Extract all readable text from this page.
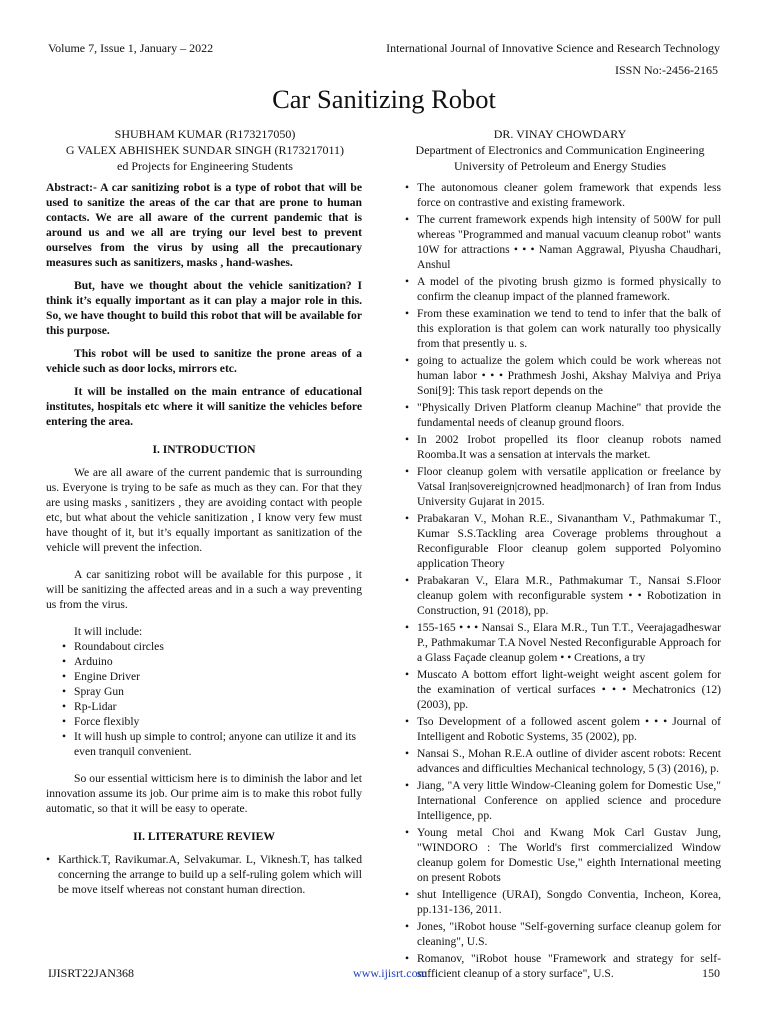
Volume 7, Issue 1, January – 2022	International Journal of Innovative Science and Research Technology
ISSN No:-2456-2165
Car Sanitizing Robot
SHUBHAM KUMAR (R173217050)
G VALEX ABHISHEK SUNDAR SINGH (R173217011)
ed Projects for Engineering Students
DR. VINAY CHOWDARY
Department of Electronics and Communication Engineering
University of Petroleum and Energy Studies

Abstract:- A car sanitizing robot is a type of robot that will be used to sanitize the areas of the car that are prone to human contacts. We are all aware of the current pandemic that is around us and we all are trying our level best to prevent ourselves from the virus by using all the precautionary measures such as sanitizers, masks , hand-washes.

But, have we thought about the vehicle sanitization? I think it’s equally important as it can play a major role in this. So, we have thought to build this robot that will be available for this purpose.

This robot will be used to sanitize the prone areas of a vehicle such as door locks, mirrors etc.

It will be installed on the main entrance of educational institutes, hospitals etc where it will sanitize the vehicles before entering the area.

I. INTRODUCTION

We are all aware of the current pandemic that is surrounding us. Everyone is trying to be safe as much as they can. For that they are using masks , sanitizers , they are avoiding contact with people etc, but what about the vehicle sanitization , I know very few must have thought of it, but it’s equally important as sanitization of the vehicle will prevent the infection.

A car sanitizing robot will be available for this purpose , it will be sanitizing the affected areas and in a such a way preventing us from the virus.

It will include:

• Roundabout circles
• Arduino
• Engine Driver
• Spray Gun
• Rp-Lidar
• Force flexibly
• It will hush up simple to control; anyone can utilize it and its even tranquil convenient.

So our essential witticism here is to diminish the labor and let innovation assume its job. Our prime aim is to make this robot fully automatic, so that it will be easy to operate.

II. LITERATURE REVIEW
• Karthick.T, Ravikumar.A, Selvakumar. L, Viknesh.T, has talked concerning the arrange to build up a self-ruling golem which will be move itself whereas not constant human direction.
• The autonomous cleaner golem framework that expends less force on contrastive and existing framework.
• The current framework expends high intensity of 500W for pull whereas "Programmed and manual vacuum cleanup robot" wants 10W for attractions • • • Naman Aggrawal, Piyusha Chaudhari, Anshul
• A model of the pivoting brush gizmo is formed physically to confirm the cleanup impact of the planned framework.
• From these examination we tend to tend to infer that the balk of this exploration is that golem can work naturally too physically from that presently u. s.
• going to actualize the golem which could be work whereas not human labor • • • Prathmesh Joshi, Akshay Malviya and Priya Soni[9]: This task report depends on the
• "Physically Driven Platform cleanup Machine" that provide the fundamental needs of cleanup ground floors.
• In 2002 Irobot propelled its floor cleanup robots named Roomba.It was a sensation at intervals the market.
• Floor cleanup golem with versatile application or freelance by Vatsal Iran|sovereign|crowned head|monarch} of Iran from Indus University Gujarat in 2015.
• Prabakaran V., Mohan R.E., Sivanantham V., Pathmakumar T., Kumar S.S.Tackling area Coverage problems throughout a Reconfigurable Floor cleanup golem supported Polyomino application Theory
• Prabakaran V., Elara M.R., Pathmakumar T., Nansai S.Floor cleanup golem with reconfigurable system • • Robotization in Construction, 91 (2018), pp.
• 155-165 • • • Nansai S., Elara M.R., Tun T.T., Veerajagadheswar P., Pathmakumar T.A Novel Nested Reconfigurable Approach for a Glass Façade cleanup golem • • Creations, a try
• Muscato A bottom effort light-weight weight ascent golem for the examination of vertical surfaces • • • Mechatronics (12) (2003), pp.
• Tso Development of a followed ascent golem • • • Journal of Intelligent and Robotic Systems, 35 (2002), pp.
• Nansai S., Mohan R.E.A outline of divider ascent robots: Recent advances and difficulties Mechanical technology, 5 (3) (2016), p.
• Jiang, "A very little Window-Cleaning golem for Domestic Use," International Conference on applied science and procedure Intelligence, pp.
• Young metal Choi and Kwang Mok Carl Gustav Jung, "WINDORO : The World's first commercialized Window cleanup golem for Domestic Use," eighth International meeting on present Robots
• shut Intelligence (URAI), Songdo Conventia, Incheon, Korea, pp.131-136, 2011.
• Jones, "iRobot house "Self-governing surface cleanup golem for cleaning", U.S.
• Romanov, "iRobot house "Framework and strategy for self-sufficient cleanup of a story surface", U.S.
IJISRT22JAN368	www.ijisrt.com	150
